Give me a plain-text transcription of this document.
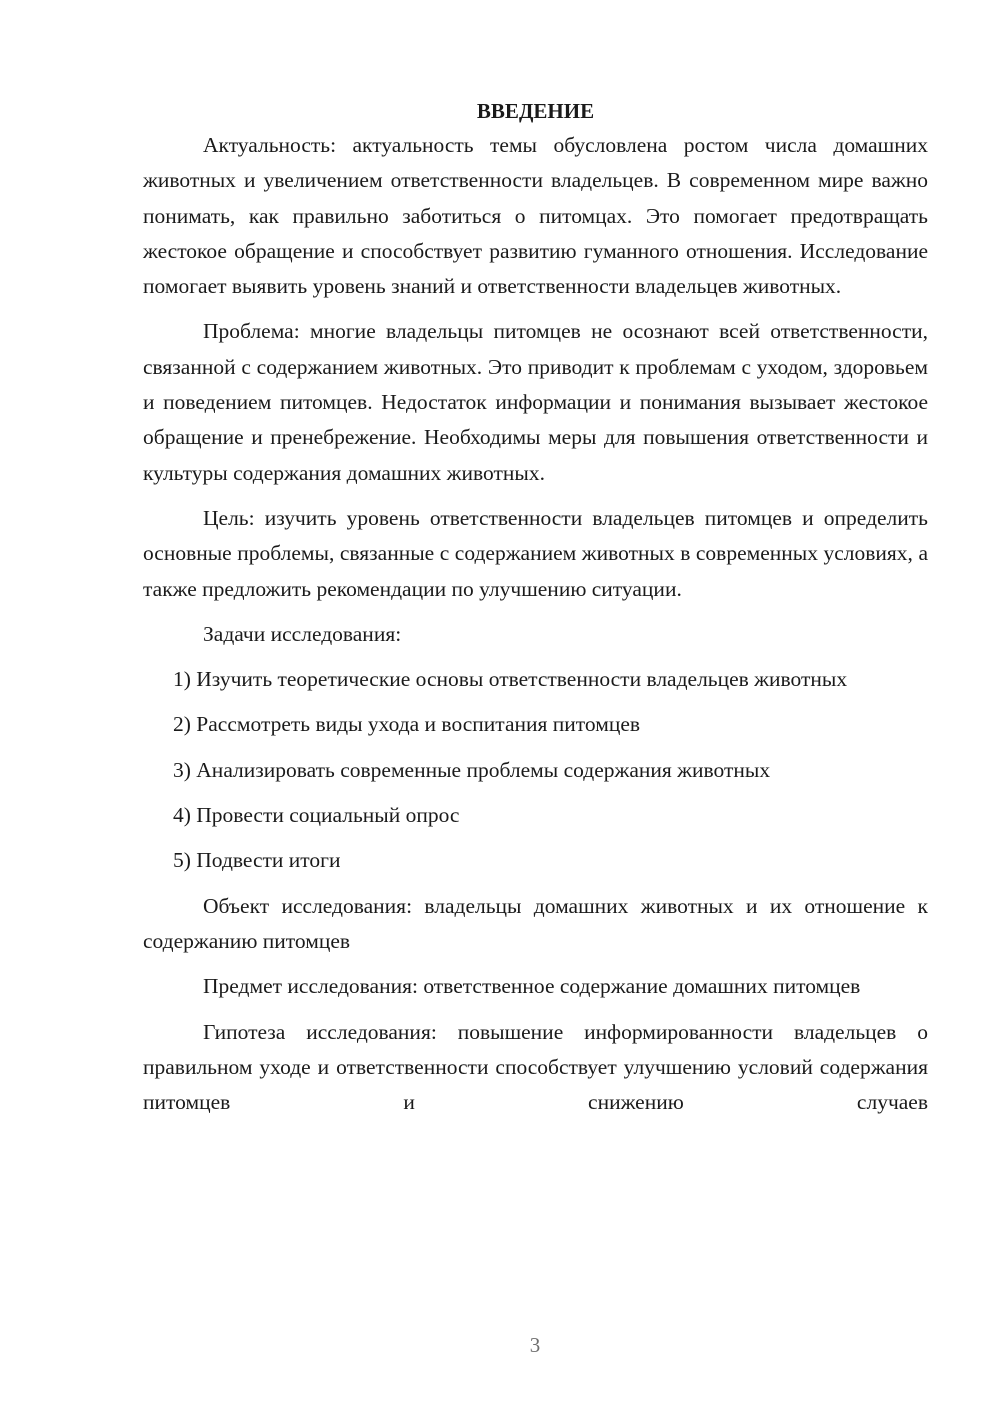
ВВЕДЕНИЕ

Актуальность: актуальность темы обусловлена ростом числа домашних животных и увеличением ответственности владельцев. В современном мире важно понимать, как правильно заботиться о питомцах. Это помогает предотвращать жестокое обращение и способствует развитию гуманного отношения. Исследование помогает выявить уровень знаний и ответственности владельцев животных.

Проблема: многие владельцы питомцев не осознают всей ответственности, связанной с содержанием животных. Это приводит к проблемам с уходом, здоровьем и поведением питомцев. Недостаток информации и понимания вызывает жестокое обращение и пренебрежение. Необходимы меры для повышения ответственности и культуры содержания домашних животных.

Цель: изучить уровень ответственности владельцев питомцев и определить основные проблемы, связанные с содержанием животных в современных условиях, а также предложить рекомендации по улучшению ситуации.

Задачи исследования:

1) Изучить теоретические основы ответственности владельцев животных

2) Рассмотреть виды ухода и воспитания питомцев

3) Анализировать современные проблемы содержания животных

4) Провести социальный опрос

5) Подвести итоги

Объект исследования: владельцы домашних животных и их отношение к содержанию питомцев

Предмет исследования: ответственное содержание домашних питомцев

Гипотеза исследования: повышение информированности владельцев о правильном уходе и ответственности способствует улучшению условий содержания питомцев и снижению случаев

3
